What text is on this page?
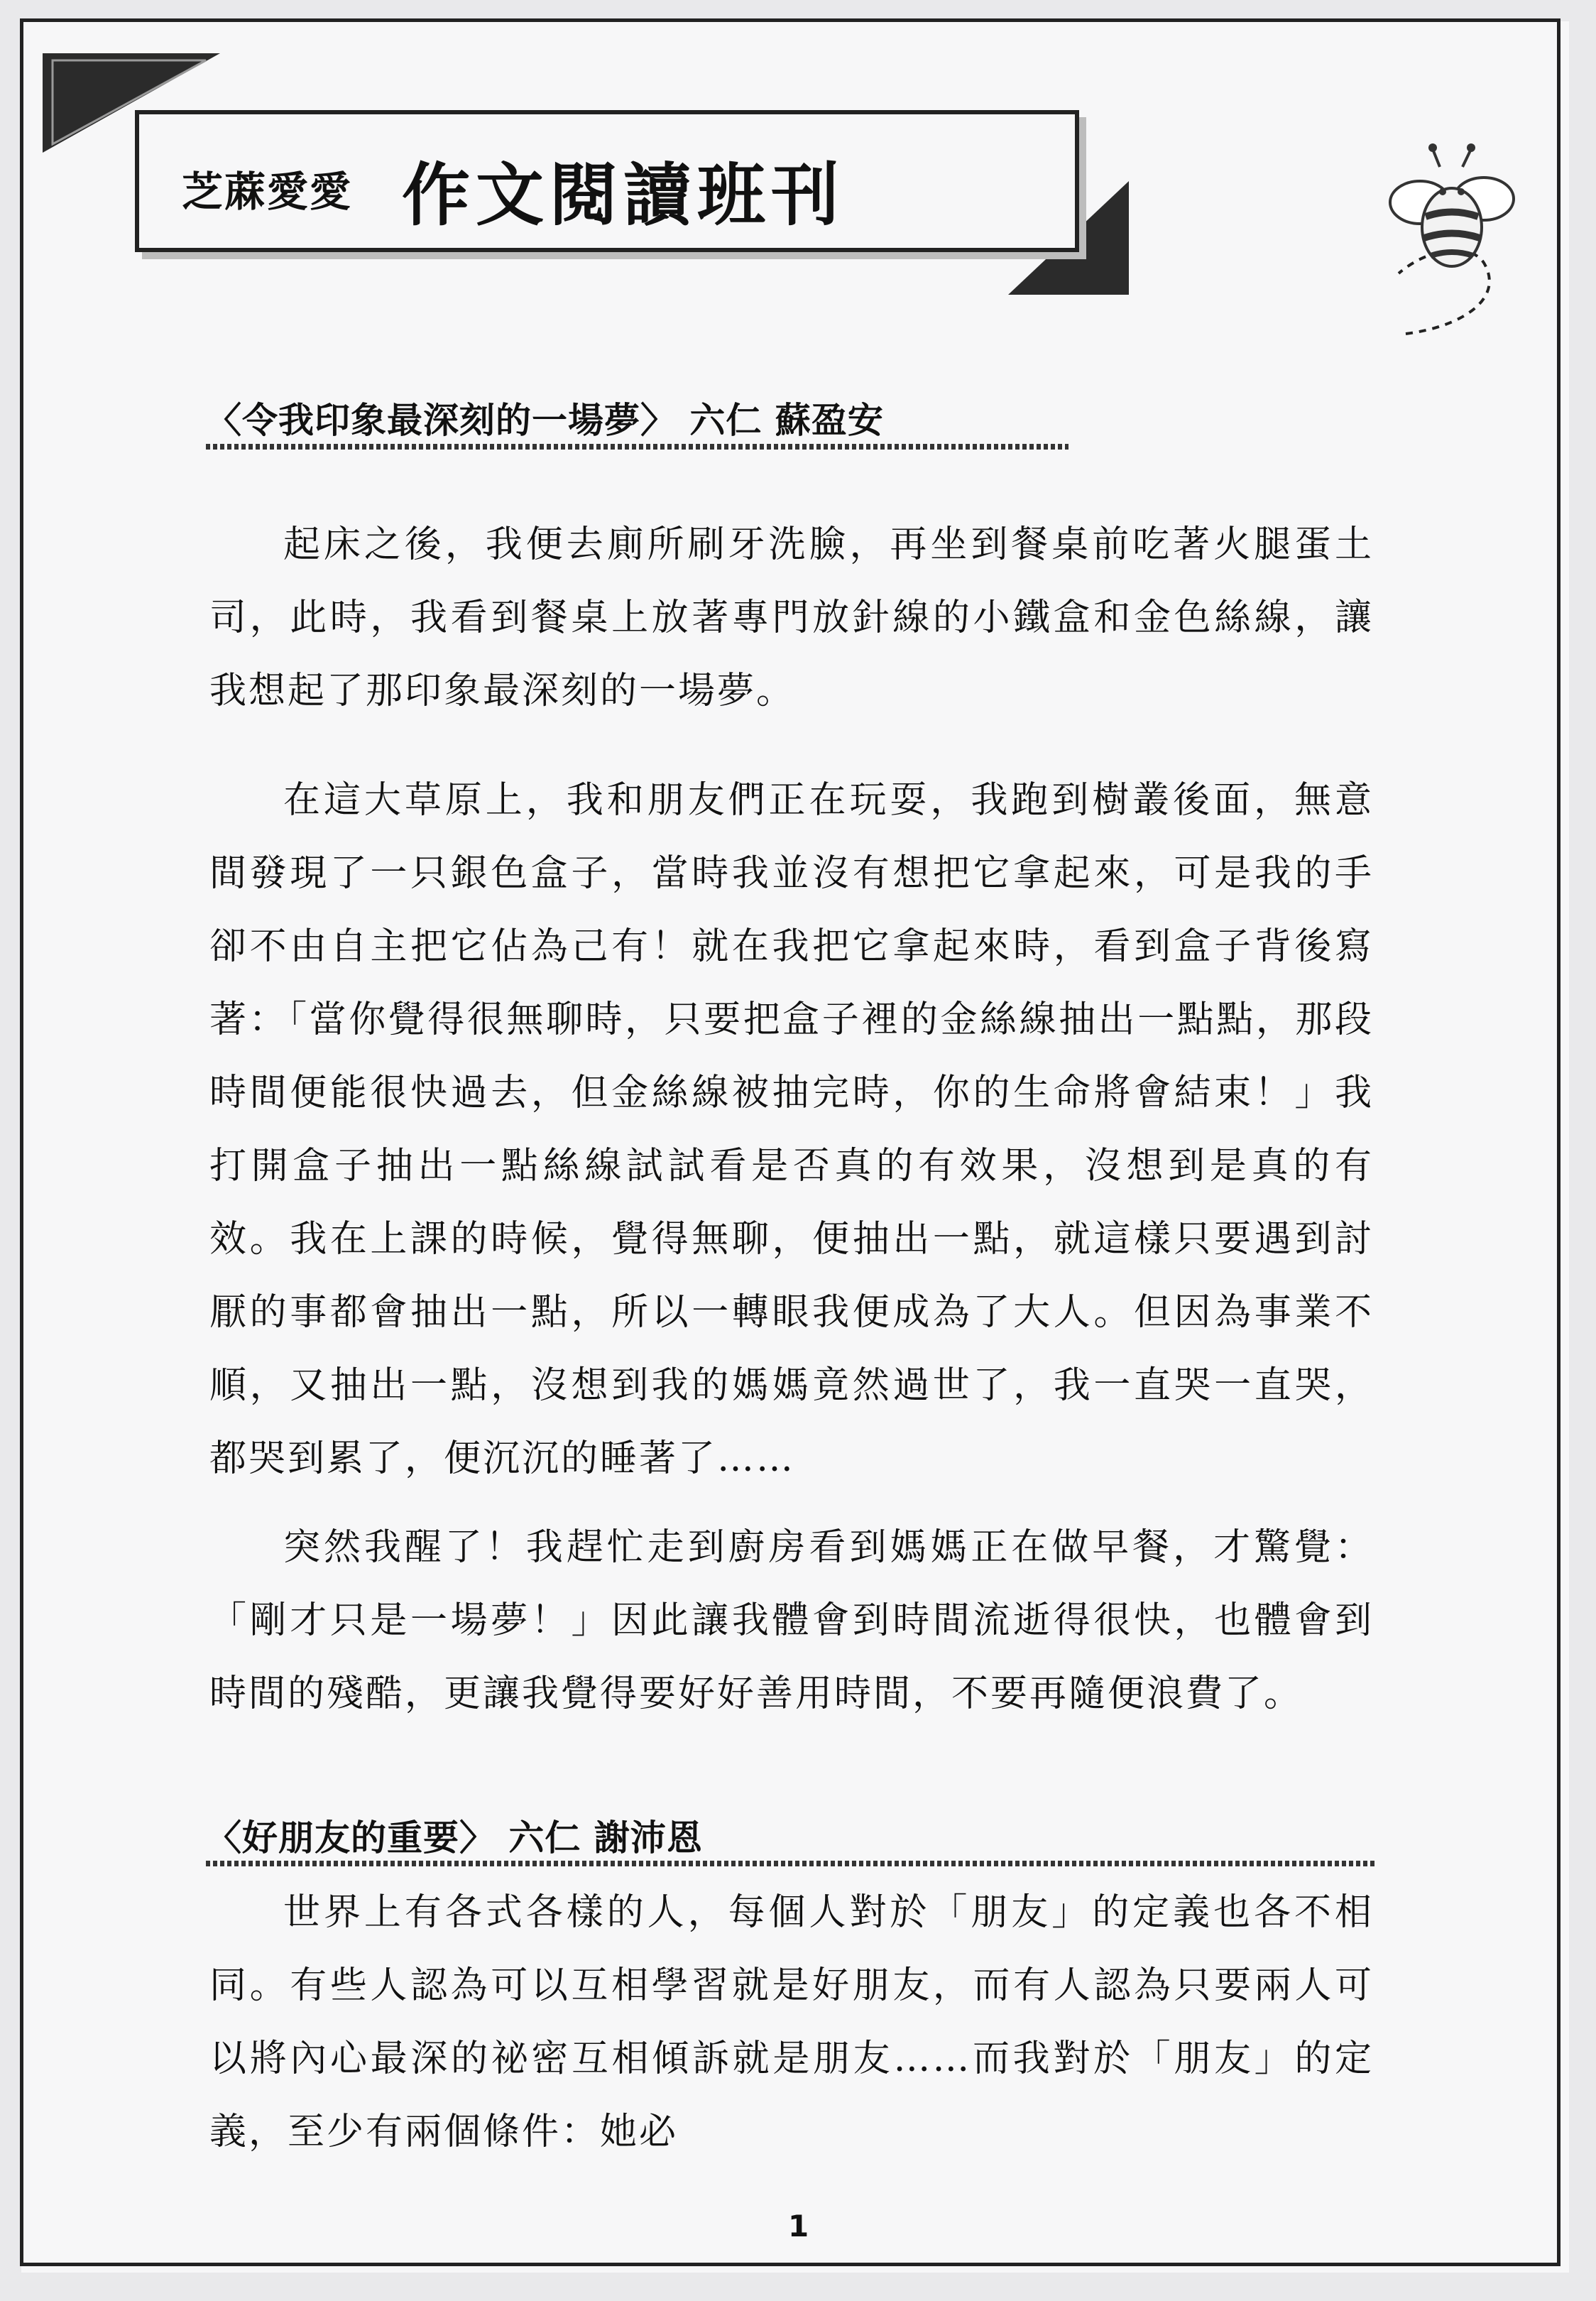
芝蔴愛愛 作文閱讀班刊
〈令我印象最深刻的一場夢〉 六仁 蘇盈安

起床之後，我便去廁所刷牙洗臉，再坐到餐桌前吃著火腿蛋土司，此時，我看到餐桌上放著專門放針線的小鐵盒和金色絲線，讓我想起了那印象最深刻的一場夢。

在這大草原上，我和朋友們正在玩耍，我跑到樹叢後面，無意間發現了一只銀色盒子，當時我並沒有想把它拿起來，可是我的手卻不由自主把它佔為己有！就在我把它拿起來時，看到盒子背後寫著：「當你覺得很無聊時，只要把盒子裡的金絲線抽出一點點，那段時間便能很快過去，但金絲線被抽完時，你的生命將會結束！」我打開盒子抽出一點絲線試試看是否真的有效果，沒想到是真的有效。我在上課的時候，覺得無聊，便抽出一點，就這樣只要遇到討厭的事都會抽出一點，所以一轉眼我便成為了大人。但因為事業不順，又抽出一點，沒想到我的媽媽竟然過世了，我一直哭一直哭，都哭到累了，便沉沉的睡著了……

突然我醒了！我趕忙走到廚房看到媽媽正在做早餐，才驚覺：「剛才只是一場夢！」因此讓我體會到時間流逝得很快，也體會到時間的殘酷，更讓我覺得要好好善用時間，不要再隨便浪費了。

〈好朋友的重要〉 六仁 謝沛恩

世界上有各式各樣的人，每個人對於「朋友」的定義也各不相同。有些人認為可以互相學習就是好朋友，而有人認為只要兩人可以將內心最深的祕密互相傾訴就是朋友……而我對於「朋友」的定義，至少有兩個條件：她必

1
